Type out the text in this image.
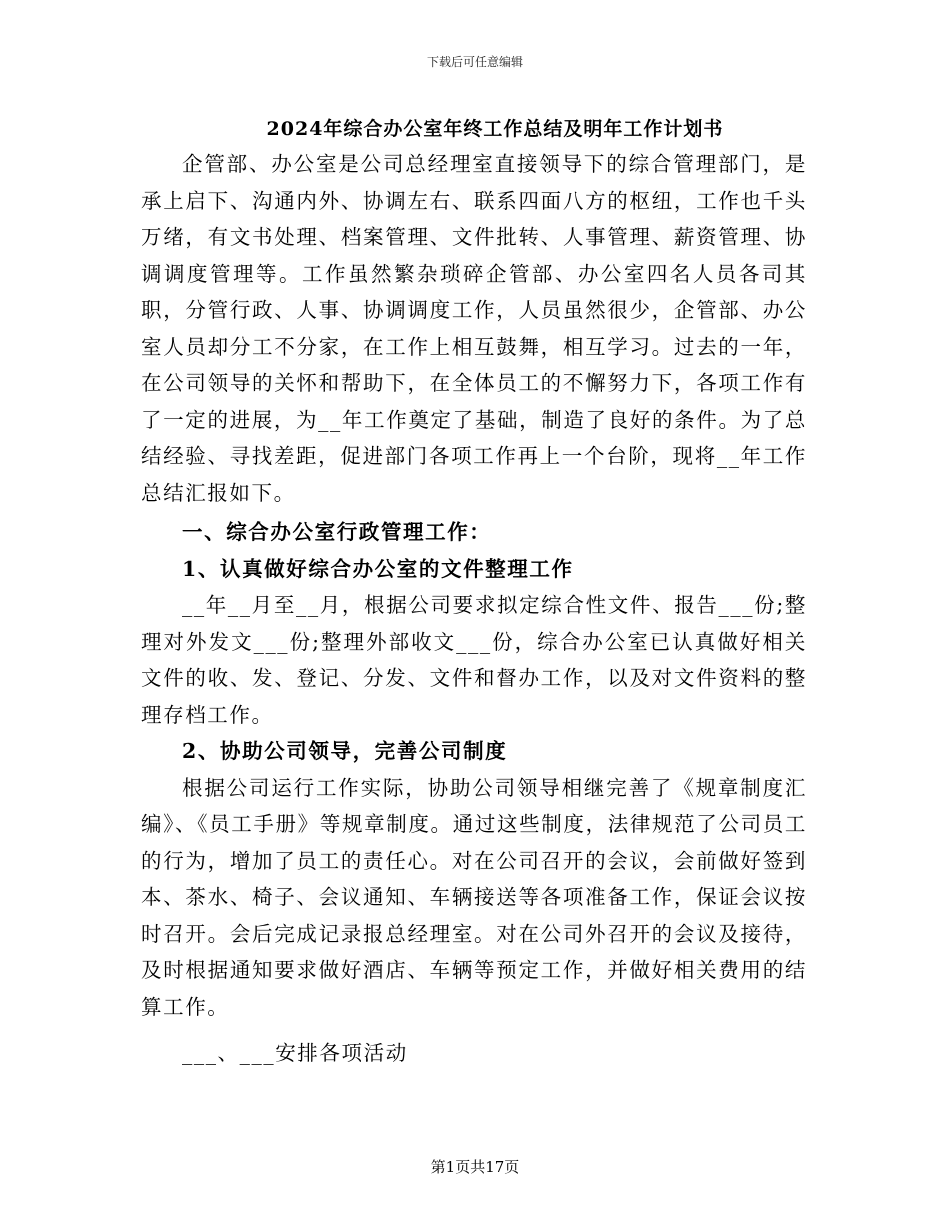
下载后可任意编辑
2024年综合办公室年终工作总结及明年工作计划书

企管部、办公室是公司总经理室直接领导下的综合管理部门，是承上启下、沟通内外、协调左右、联系四面八方的枢纽，工作也千头万绪，有文书处理、档案管理、文件批转、人事管理、薪资管理、协调调度管理等。工作虽然繁杂琐碎企管部、办公室四名人员各司其职，分管行政、人事、协调调度工作，人员虽然很少，企管部、办公室人员却分工不分家，在工作上相互鼓舞，相互学习。过去的一年，在公司领导的关怀和帮助下，在全体员工的不懈努力下，各项工作有了一定的进展，为__年工作奠定了基础，制造了良好的条件。为了总结经验、寻找差距，促进部门各项工作再上一个台阶，现将__年工作总结汇报如下。

一、综合办公室行政管理工作：

1、认真做好综合办公室的文件整理工作

__年__月至__月，根据公司要求拟定综合性文件、报告___份;整理对外发文___份;整理外部收文___份，综合办公室已认真做好相关文件的收、发、登记、分发、文件和督办工作，以及对文件资料的整理存档工作。

2、协助公司领导，完善公司制度

根据公司运行工作实际，协助公司领导相继完善了《规章制度汇编》、《员工手册》等规章制度。通过这些制度，法律规范了公司员工的行为，增加了员工的责任心。对在公司召开的会议，会前做好签到本、茶水、椅子、会议通知、车辆接送等各项准备工作，保证会议按时召开。会后完成记录报总经理室。对在公司外召开的会议及接待，及时根据通知要求做好酒店、车辆等预定工作，并做好相关费用的结算工作。

___、___安排各项活动

第1页共17页
